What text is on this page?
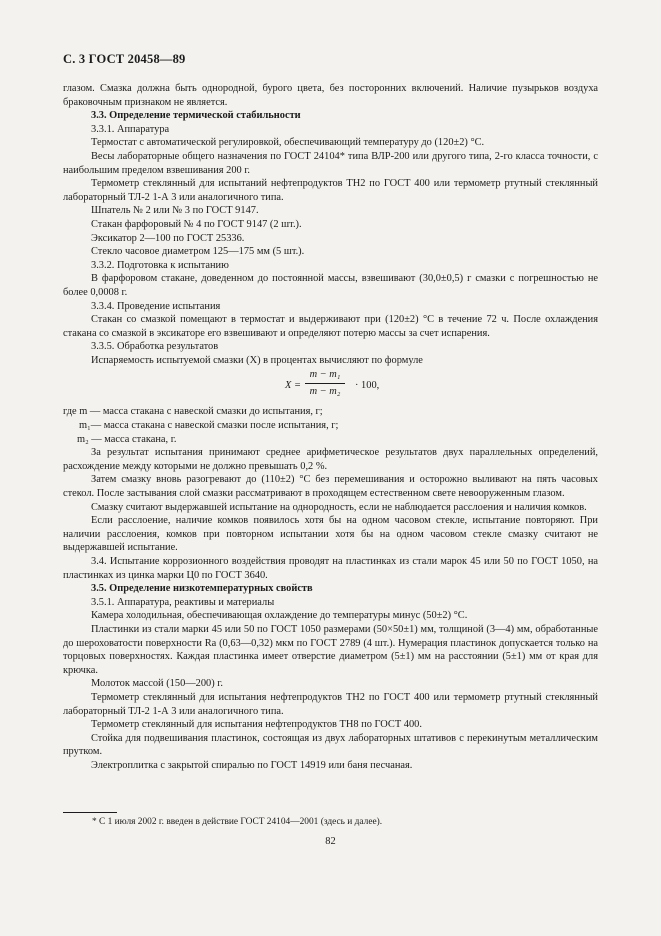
С. 3 ГОСТ 20458—89

глазом. Смазка должна быть однородной, бурого цвета, без посторонних включений. Наличие пузырьков воздуха браковочным признаком не является.

3.3. Определение термической стабильности

3.3.1. Аппаратура

Термостат с автоматической регулировкой, обеспечивающий температуру до (120±2) °С.

Весы лабораторные общего назначения по ГОСТ 24104* типа ВЛР-200 или другого типа, 2-го класса точности, с наибольшим пределом взвешивания 200 г.

Термометр стеклянный для испытаний нефтепродуктов ТН2 по ГОСТ 400 или термометр ртутный стеклянный лабораторный ТЛ-2 1-А 3 или аналогичного типа.

Шпатель № 2 или № 3 по ГОСТ 9147.

Стакан фарфоровый № 4 по ГОСТ 9147 (2 шт.).

Эксикатор 2—100 по ГОСТ 25336.

Стекло часовое диаметром 125—175 мм (5 шт.).

3.3.2. Подготовка к испытанию

В фарфоровом стакане, доведенном до постоянной массы, взвешивают (30,0±0,5) г смазки с погрешностью не более 0,0008 г.

3.3.4. Проведение испытания

Стакан со смазкой помещают в термостат и выдерживают при (120±2) °С в течение 72 ч. После охлаждения стакана со смазкой в эксикаторе его взвешивают и определяют потерю массы за счет испарения.

3.3.5. Обработка результатов

Испаряемость испытуемой смазки (X) в процентах вычисляют по формуле

$X = \frac{\text{m − m₁}}{\text{m − m₂}} \cdot 100$,

где m — масса стакана с навеской смазки до испытания, г;

m₁— масса стакана с навеской смазки после испытания, г;

m₂ — масса стакана, г.

За результат испытания принимают среднее арифметическое результатов двух параллельных определений, расхождение между которыми не должно превышать 0,2 %.

Затем смазку вновь разогревают до (110±2) °С без перемешивания и осторожно выливают на пять часовых стекол. После застывания слой смазки рассматривают в проходящем естественном свете невооруженным глазом.

Смазку считают выдержавшей испытание на однородность, если не наблюдается расслоения и наличия комков.

Если расслоение, наличие комков появилось хотя бы на одном часовом стекле, испытание повторяют. При наличии расслоения, комков при повторном испытании хотя бы на одном часовом стекле смазку считают не выдержавшей испытание.

3.4. Испытание коррозионного воздействия проводят на пластинках из стали марок 45 или 50 по ГОСТ 1050, на пластинках из цинка марки Ц0 по ГОСТ 3640.

3.5. Определение низкотемпературных свойств

3.5.1. Аппаратура, реактивы и материалы

Камера холодильная, обеспечивающая охлаждение до температуры минус (50±2) °С.

Пластинки из стали марки 45 или 50 по ГОСТ 1050 размерами (50×50±1) мм, толщиной (3—4) мм, обработанные до шероховатости поверхности Ra (0,63—0,32) мкм по ГОСТ 2789 (4 шт.). Нумерация пластинок допускается только на торцовых поверхностях. Каждая пластинка имеет отверстие диаметром (5±1) мм на расстоянии (5±1) мм от края для крючка.

Молоток массой (150—200) г.

Термометр стеклянный для испытания нефтепродуктов ТН2 по ГОСТ 400 или термометр ртутный стеклянный лабораторный ТЛ-2 1-А 3 или аналогичного типа.

Термометр стеклянный для испытания нефтепродуктов ТН8 по ГОСТ 400.

Стойка для подвешивания пластинок, состоящая из двух лабораторных штативов с перекинутым металлическим прутком.

Электроплитка с закрытой спиралью по ГОСТ 14919 или баня песчаная.

* С 1 июля 2002 г. введен в действие ГОСТ 24104—2001 (здесь и далее).
82
